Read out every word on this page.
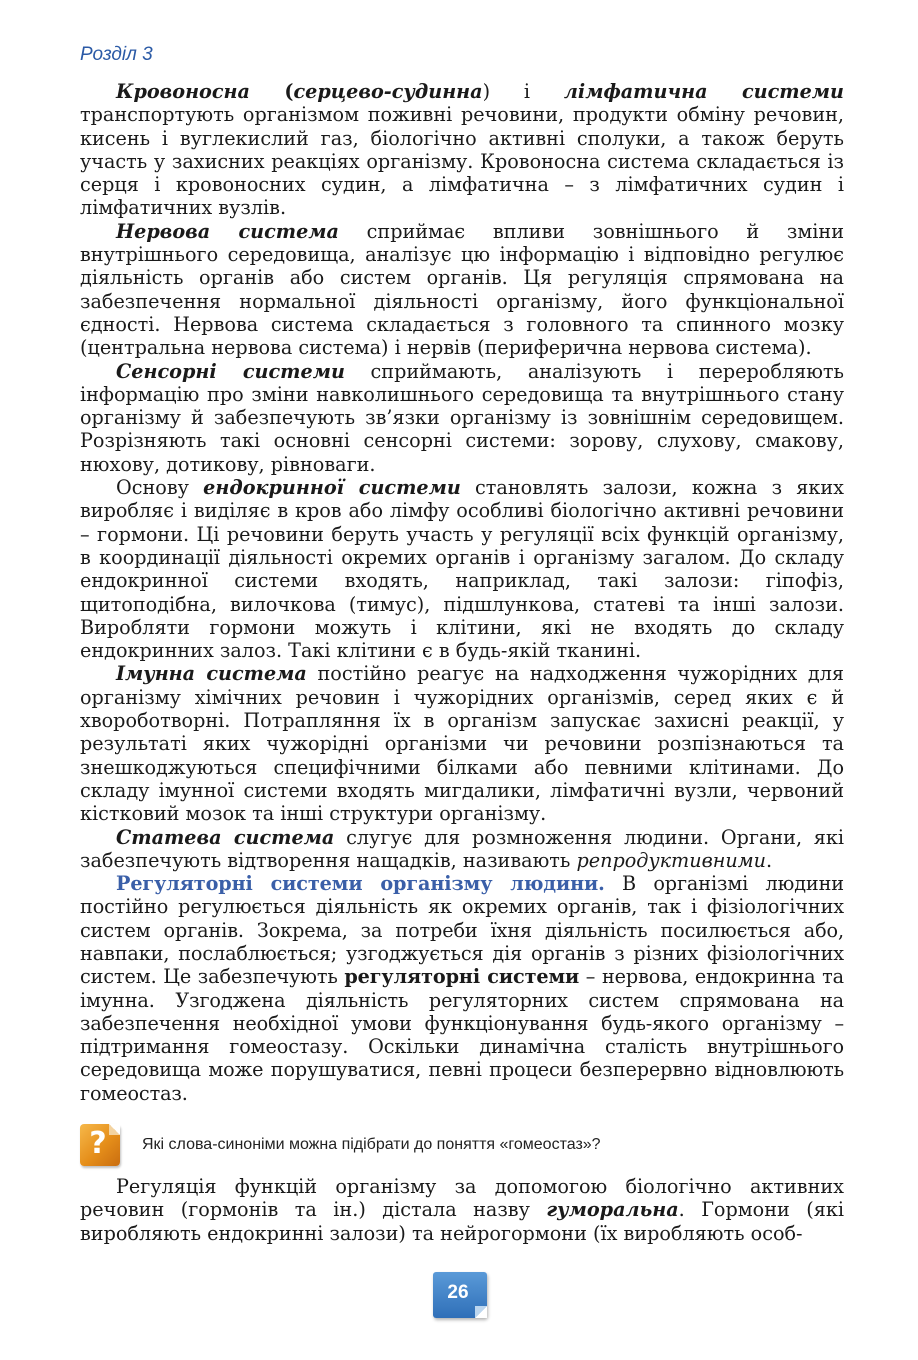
Розділ 3

Кровоносна (серцево-судинна) і лімфатична системи транспортують організмом поживні речовини, продукти обміну речовин, кисень і вуглекислий газ, біологічно активні сполуки, а також беруть участь у захисних реакціях організму. Кровоносна система складається із серця і кровоносних судин, а лімфатична – з лімфатичних судин і лімфатичних вузлів.

Нервова система сприймає впливи зовнішнього й зміни внутрішнього середовища, аналізує цю інформацію і відповідно регулює діяльність органів або систем органів. Ця регуляція спрямована на забезпечення нормальної діяльності організму, його функціональної єдності. Нервова система складається з головного та спинного мозку (центральна нервова система) і нервів (периферична нервова система).

Сенсорні системи сприймають, аналізують і переробляють інформацію про зміни навколишнього середовища та внутрішнього стану організму й забезпечують зв’язки організму із зовнішнім середовищем. Розрізняють такі основні сенсорні системи: зорову, слухову, смакову, нюхову, дотикову, рівноваги.

Основу ендокринної системи становлять залози, кожна з яких виробляє і виділяє в кров або лімфу особливі біологічно активні речовини – гормони. Ці речовини беруть участь у регуляції всіх функцій організму, в координації діяльності окремих органів і організму загалом. До складу ендокринної системи входять, наприклад, такі залози: гіпофіз, щитоподібна, вилочкова (тимус), підшлункова, статеві та інші залози. Виробляти гормони можуть і клітини, які не входять до складу ендокринних залоз. Такі клітини є в будь-якій тканині.

Імунна система постійно реагує на надходження чужорідних для організму хімічних речовин і чужорідних організмів, серед яких є й хвороботворні. Потрапляння їх в організм запускає захисні реакції, у результаті яких чужорідні організми чи речовини розпізнаються та знешкоджуються специфічними білками або певними клітинами. До складу імунної системи входять мигдалики, лімфатичні вузли, червоний кістковий мозок та інші структури організму.

Статева система слугує для розмноження людини. Органи, які забезпечують відтворення нащадків, називають репродуктивними.

Регуляторні системи організму людини. В організмі людини постійно регулюється діяльність як окремих органів, так і фізіологічних систем органів. Зокрема, за потреби їхня діяльність посилюється або, навпаки, послаблюється; узгоджується дія органів з різних фізіологічних систем. Це забезпечують регуляторні системи – нервова, ендокринна та імунна. Узгоджена діяльність регуляторних систем спрямована на забезпечення необхідної умови функціонування будь-якого організму – підтримання гомеостазу. Оскільки динамічна сталість внутрішнього середовища може порушуватися, певні процеси безперервно відновлюють гомеостаз.

?	Які слова-синоніми можна підібрати до поняття «гомеостаз»?

Регуляція функцій організму за допомогою біологічно активних речовин (гормонів та ін.) дістала назву гуморальна. Гормони (які виробляють ендокринні залози) та нейрогормони (їх виробляють особ-

26
